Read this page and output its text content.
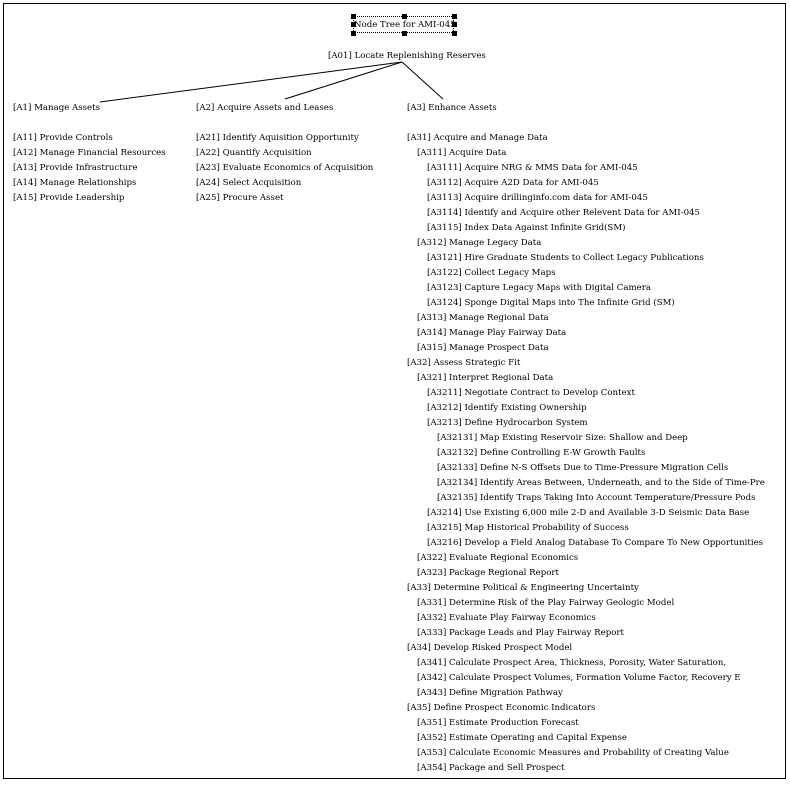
Node Tree for AMI-045
[A01] Locate Replenishing Reserves
[A1] Manage Assets	[A2] Acquire Assets and Leases	[A3] Enhance Assets
[A11] Provide Controls
[A12] Manage Financial Resources
[A13] Provide Infrastructure
[A14] Manage Relationships
[A15] Provide Leadership
[A21] Identify Aquisition Opportunity
[A22] Quantify Acquisition
[A23] Evaluate Economics of Acquisition
[A24] Select Acquisition
[A25] Procure Asset
[A31] Acquire and Manage Data
[A311] Acquire Data
[A3111] Acquire NRG & MMS Data for AMI-045
[A3112] Acquire A2D Data for AMI-045
[A3113] Acquire drillinginfo.com data for AMI-045
[A3114] Identify and Acquire other Relevent Data for AMI-045
[A3115] Index Data Against Infinite Grid(SM)
[A312] Manage Legacy Data
[A3121] Hire Graduate Students to Collect Legacy Publications
[A3122] Collect Legacy Maps
[A3123] Capture Legacy Maps with Digital Camera
[A3124] Sponge Digital Maps into The Infinite Grid (SM)
[A313] Manage Regional Data
[A314] Manage Play Fairway Data
[A315] Manage Prospect Data
[A32] Assess Strategic Fit
[A321] Interpret Regional Data
[A3211] Negotiate Contract to Develop Context
[A3212] Identify Existing Ownership
[A3213] Define Hydrocarbon System
[A32131] Map Existing Reservoir Size: Shallow and Deep
[A32132] Define Controlling E-W Growth Faults
[A32133] Define N-S Offsets Due to Time-Pressure Migration Cells
[A32134] Identify Areas Between, Underneath, and to the Side of Time-Pre
[A32135] Identify Traps Taking Into Account Temperature/Pressure Pods
[A3214] Use Existing 6,000 mile 2-D and Available 3-D Seismic Data Base
[A3215] Map Historical Probability of Success
[A3216] Develop a Field Analog Database To Compare To New Opportunities
[A322] Evaluate Regional Economics
[A323] Package Regional Report
[A33] Determine Political & Engineering Uncertainty
[A331] Determine Risk of the Play Fairway Geologic Model
[A332] Evaluate Play Fairway Economics
[A333] Package Leads and Play Fairway Report
[A34] Develop Risked Prospect Model
[A341] Calculate Prospect Area, Thickness, Porosity, Water Saturation,
[A342] Calculate Prospect Volumes, Formation Volume Factor, Recovery E
[A343] Define Migration Pathway
[A35] Define Prospect Economic Indicators
[A351] Estimate Production Forecast
[A352] Estimate Operating and Capital Expense
[A353] Calculate Economic Measures and Probability of Creating Value
[A354] Package and Sell Prospect
